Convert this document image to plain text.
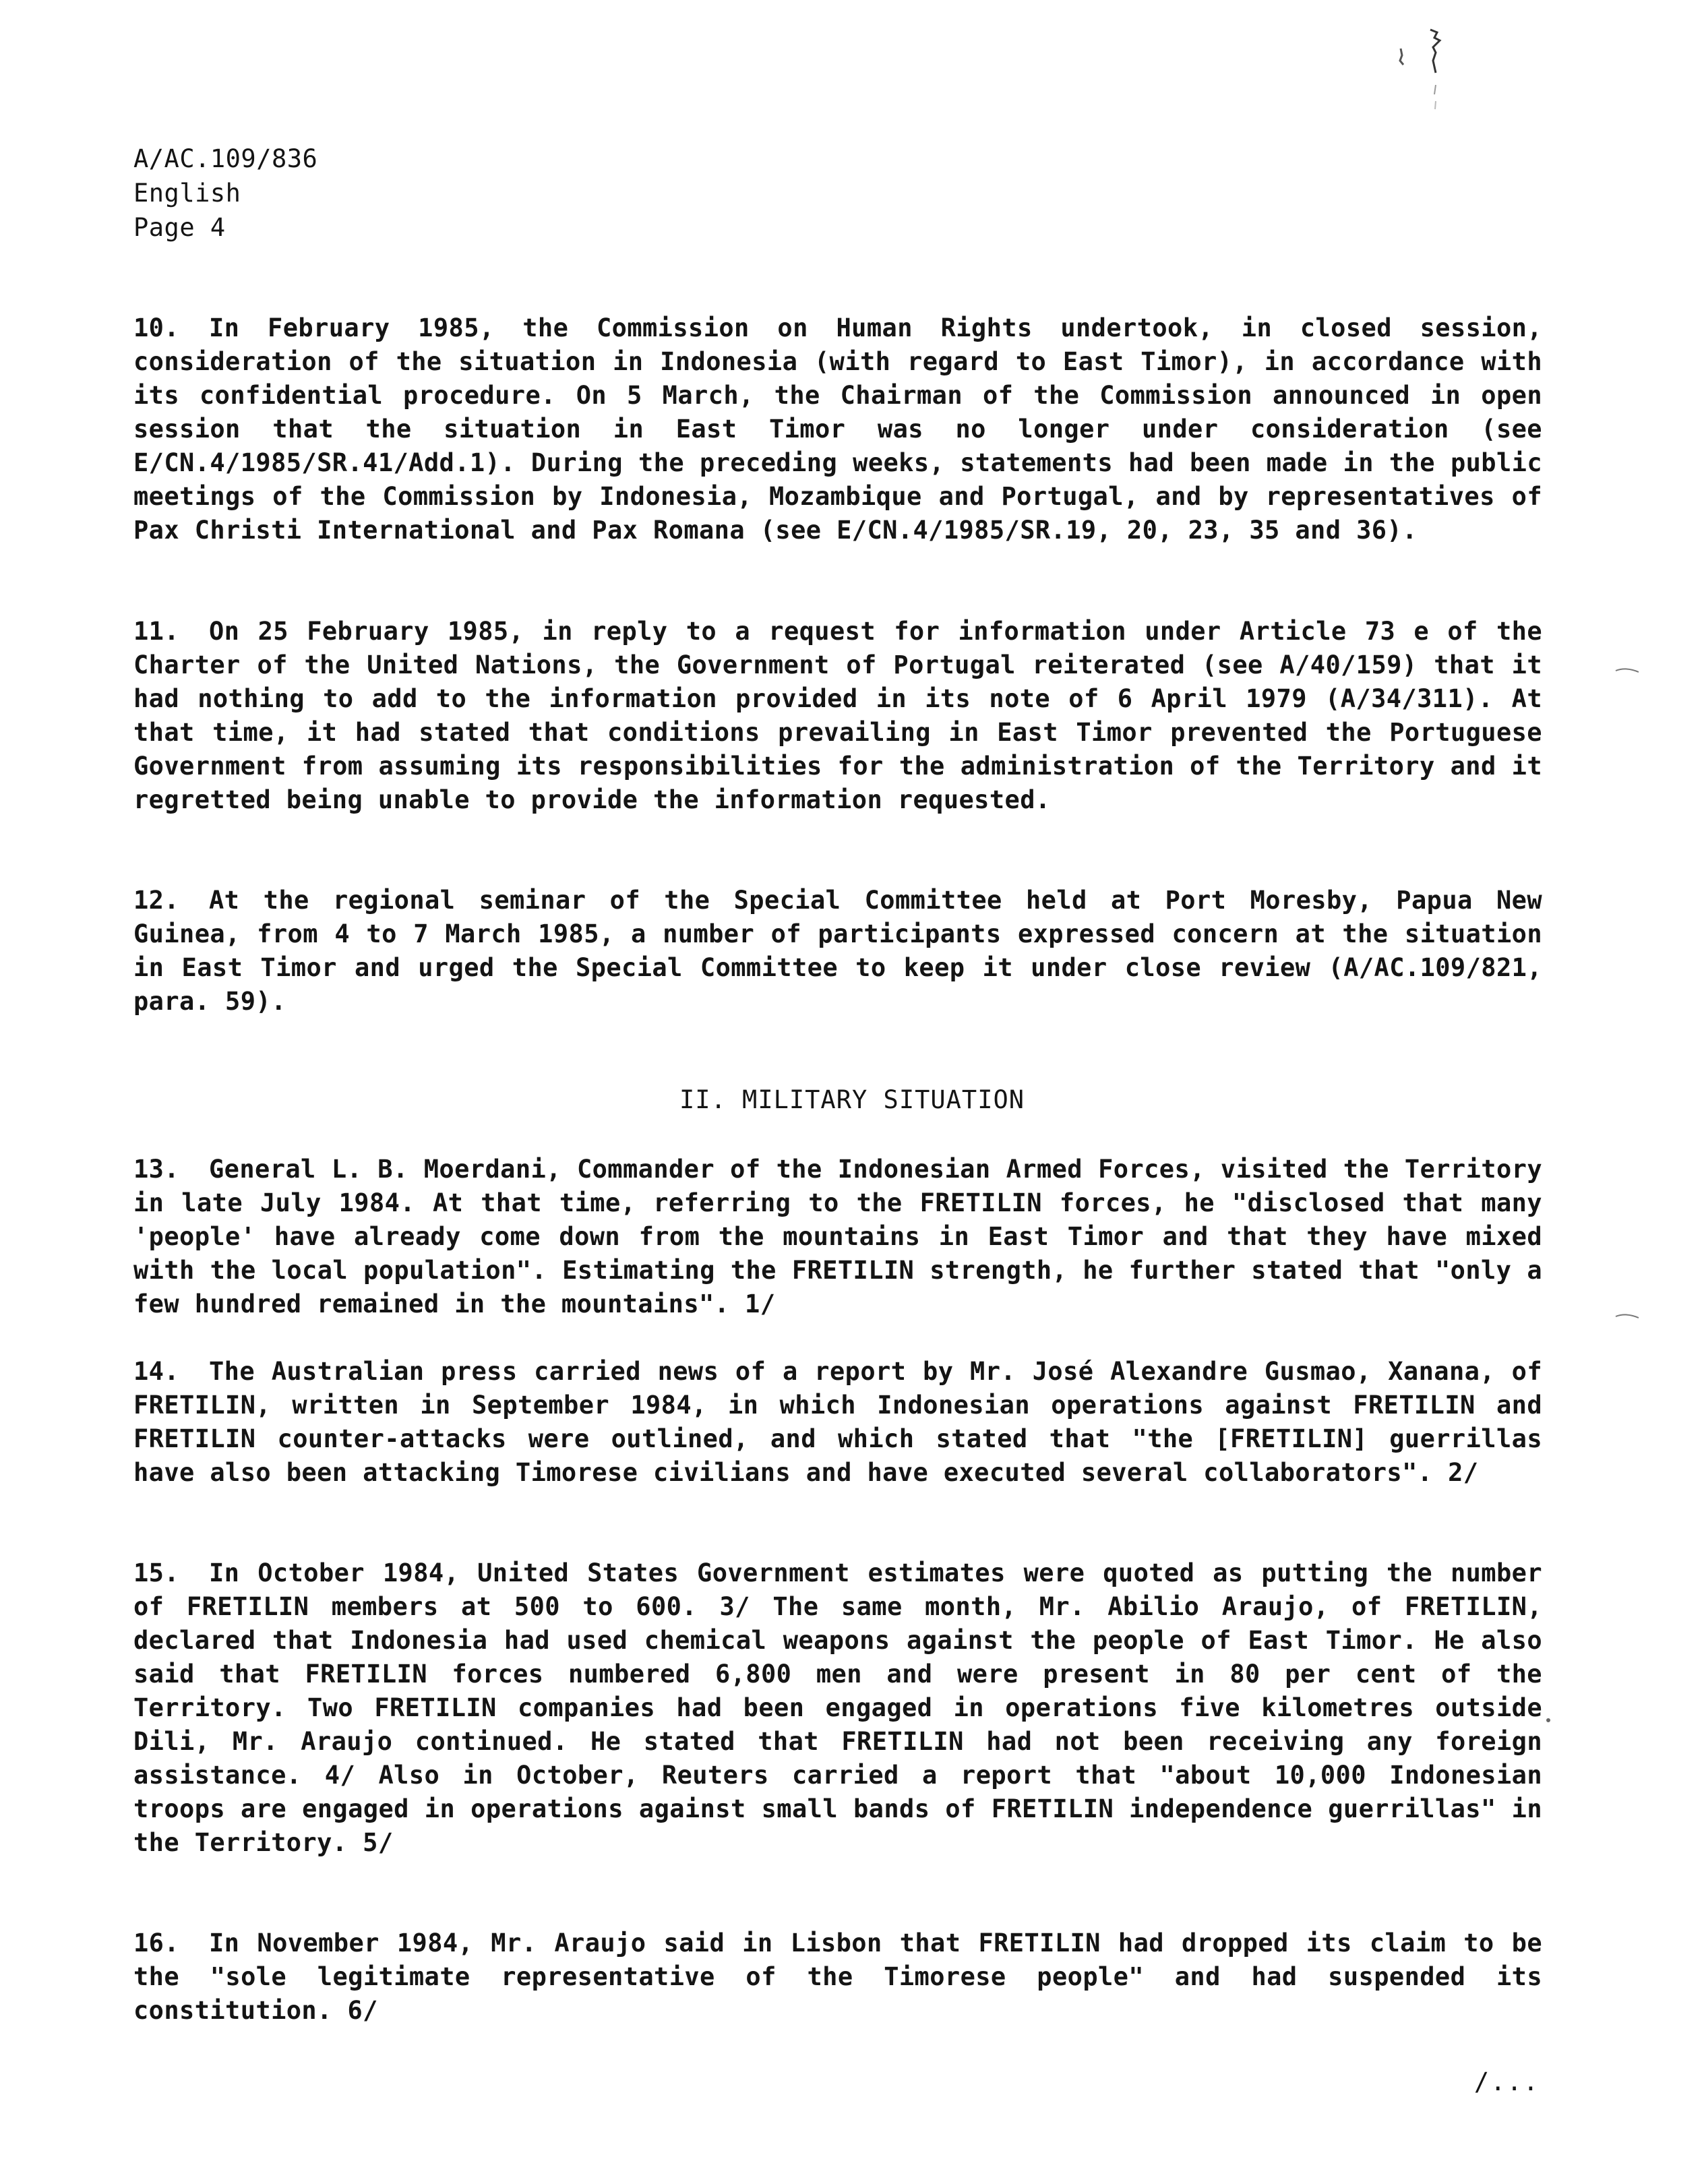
A/AC.109/836
English
Page 4
10. In February 1985, the Commission on Human Rights undertook, in closed session, consideration of the situation in Indonesia (with regard to East Timor), in accordance with its confidential procedure. On 5 March, the Chairman of the Commission announced in open session that the situation in East Timor was no longer under consideration (see E/CN.4/1985/SR.41/Add.1). During the preceding weeks, statements had been made in the public meetings of the Commission by Indonesia, Mozambique and Portugal, and by representatives of Pax Christi International and Pax Romana (see E/CN.4/1985/SR.19, 20, 23, 35 and 36).
11. On 25 February 1985, in reply to a request for information under Article 73 e of the Charter of the United Nations, the Government of Portugal reiterated (see A/40/159) that it had nothing to add to the information provided in its note of 6 April 1979 (A/34/311). At that time, it had stated that conditions prevailing in East Timor prevented the Portuguese Government from assuming its responsibilities for the administration of the Territory and it regretted being unable to provide the information requested.
12. At the regional seminar of the Special Committee held at Port Moresby, Papua New Guinea, from 4 to 7 March 1985, a number of participants expressed concern at the situation in East Timor and urged the Special Committee to keep it under close review (A/AC.109/821, para. 59).
II. MILITARY SITUATION
13. General L. B. Moerdani, Commander of the Indonesian Armed Forces, visited the Territory in late July 1984. At that time, referring to the FRETILIN forces, he "disclosed that many 'people' have already come down from the mountains in East Timor and that they have mixed with the local population". Estimating the FRETILIN strength, he further stated that "only a few hundred remained in the mountains". 1/
14. The Australian press carried news of a report by Mr. José Alexandre Gusmao, Xanana, of FRETILIN, written in September 1984, in which Indonesian operations against FRETILIN and FRETILIN counter-attacks were outlined, and which stated that "the [FRETILIN] guerrillas have also been attacking Timorese civilians and have executed several collaborators". 2/
15. In October 1984, United States Government estimates were quoted as putting the number of FRETILIN members at 500 to 600. 3/ The same month, Mr. Abilio Araujo, of FRETILIN, declared that Indonesia had used chemical weapons against the people of East Timor. He also said that FRETILIN forces numbered 6,800 men and were present in 80 per cent of the Territory. Two FRETILIN companies had been engaged in operations five kilometres outside Dili, Mr. Araujo continued. He stated that FRETILIN had not been receiving any foreign assistance. 4/ Also in October, Reuters carried a report that "about 10,000 Indonesian troops are engaged in operations against small bands of FRETILIN independence guerrillas" in the Territory. 5/
16. In November 1984, Mr. Araujo said in Lisbon that FRETILIN had dropped its claim to be the "sole legitimate representative of the Timorese people" and had suspended its constitution. 6/
/...
